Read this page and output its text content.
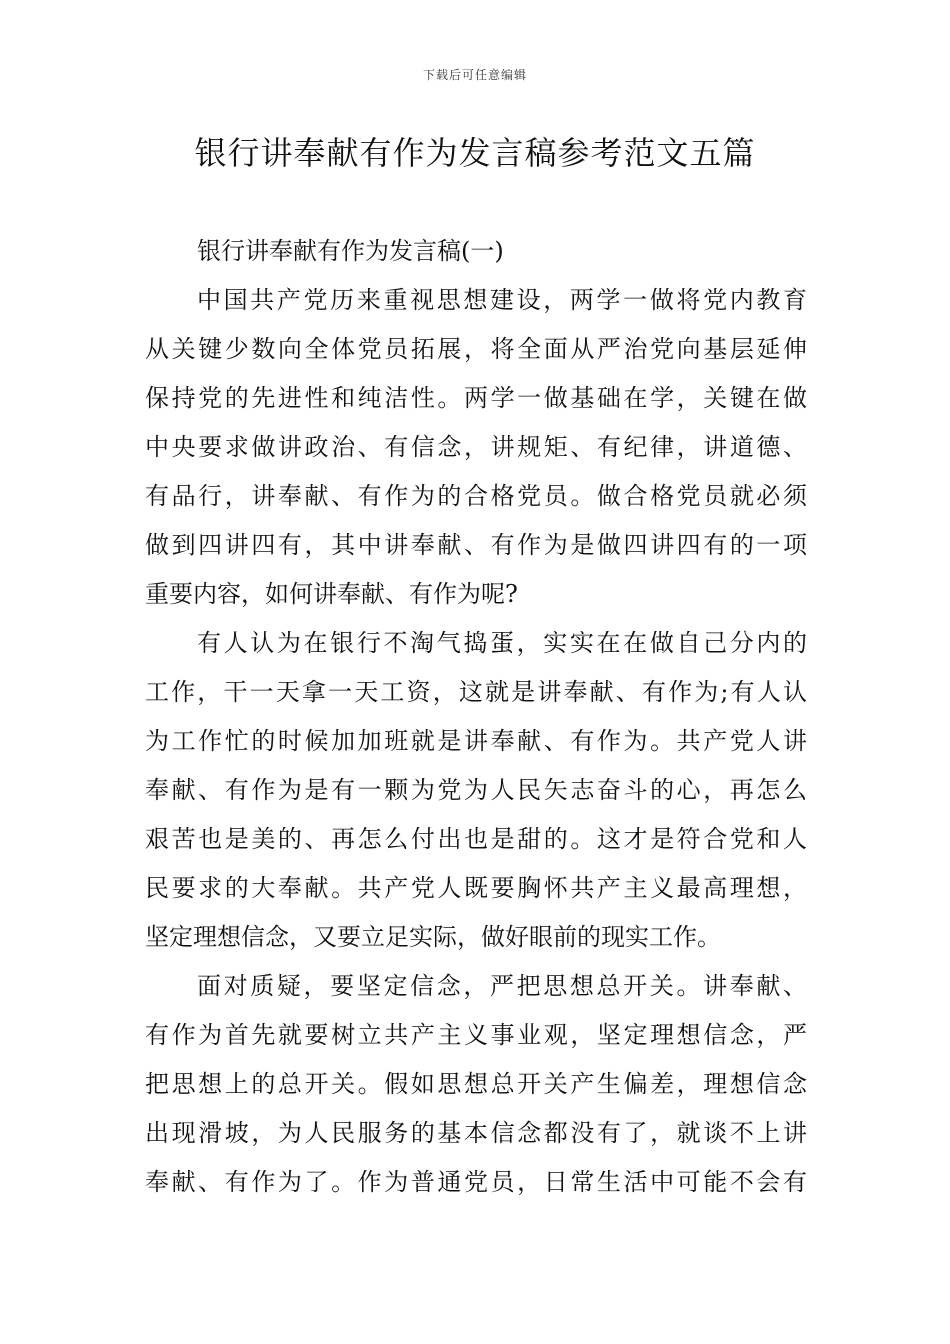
下载后可任意编辑
银行讲奉献有作为发言稿参考范文五篇

银行讲奉献有作为发言稿(一)

中国共产党历来重视思想建设，两学一做将党内教育
从关键少数向全体党员拓展，将全面从严治党向基层延伸
保持党的先进性和纯洁性。两学一做基础在学，关键在做
中央要求做讲政治、有信念，讲规矩、有纪律，讲道德、
有品行，讲奉献、有作为的合格党员。做合格党员就必须
做到四讲四有，其中讲奉献、有作为是做四讲四有的一项
重要内容，如何讲奉献、有作为呢?

有人认为在银行不淘气捣蛋，实实在在做自己分内的
工作，干一天拿一天工资，这就是讲奉献、有作为;有人认
为工作忙的时候加加班就是讲奉献、有作为。共产党人讲
奉献、有作为是有一颗为党为人民矢志奋斗的心，再怎么
艰苦也是美的、再怎么付出也是甜的。这才是符合党和人
民要求的大奉献。共产党人既要胸怀共产主义最高理想，
坚定理想信念，又要立足实际，做好眼前的现实工作。

面对质疑，要坚定信念，严把思想总开关。讲奉献、
有作为首先就要树立共产主义事业观，坚定理想信念，严
把思想上的总开关。假如思想总开关产生偏差，理想信念
出现滑坡，为人民服务的基本信念都没有了，就谈不上讲
奉献、有作为了。作为普通党员，日常生活中可能不会有
